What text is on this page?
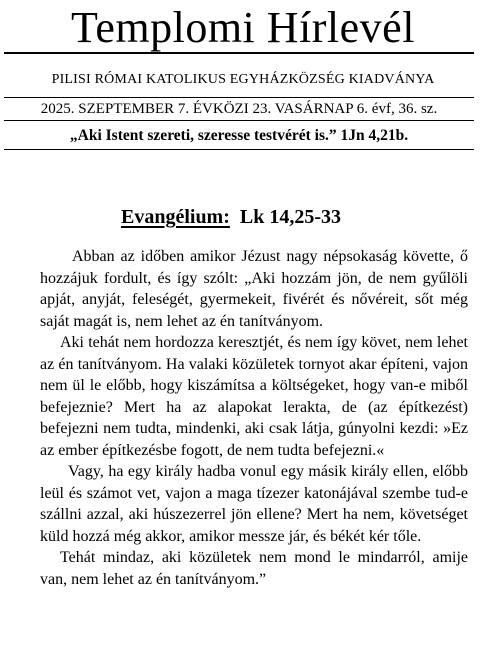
Templomi Hírlevél
PILISI RÓMAI KATOLIKUS EGYHÁZKÖZSÉG KIADVÁNYA

2025. SZEPTEMBER 7. ÉVKÖZI 23. VASÁRNAP 6. évf, 36. sz.
„Aki Istent szereti, szeresse testvérét is.” 1Jn 4,21b.
Evangélium: Lk 14,25-33

Abban az időben amikor Jézust nagy népsokaság követte, ő hozzájuk fordult, és így szólt: „Aki hozzám jön, de nem gyűlöli apját, anyját, feleségét, gyermekeit, fivérét és nővéreit, sőt még saját magát is, nem lehet az én tanítványom.

Aki tehát nem hordozza keresztjét, és nem így követ, nem lehet az én tanítványom. Ha valaki közületek tornyot akar építeni, vajon nem ül le előbb, hogy kiszámítsa a költségeket, hogy van-e miből befejeznie? Mert ha az alapokat lerakta, de (az építkezést) befejezni nem tudta, mindenki, aki csak látja, gúnyolni kezdi: »Ez az ember építkezésbe fogott, de nem tudta befejezni.«

Vagy, ha egy király hadba vonul egy másik király ellen, előbb leül és számot vet, vajon a maga tízezer katonájával szembe tud-e szállni azzal, aki húszezerrel jön ellene? Mert ha nem, követséget küld hozzá még akkor, amikor messze jár, és békét kér tőle.

Tehát mindaz, aki közületek nem mond le mindarról, amije van, nem lehet az én tanítványom.”
